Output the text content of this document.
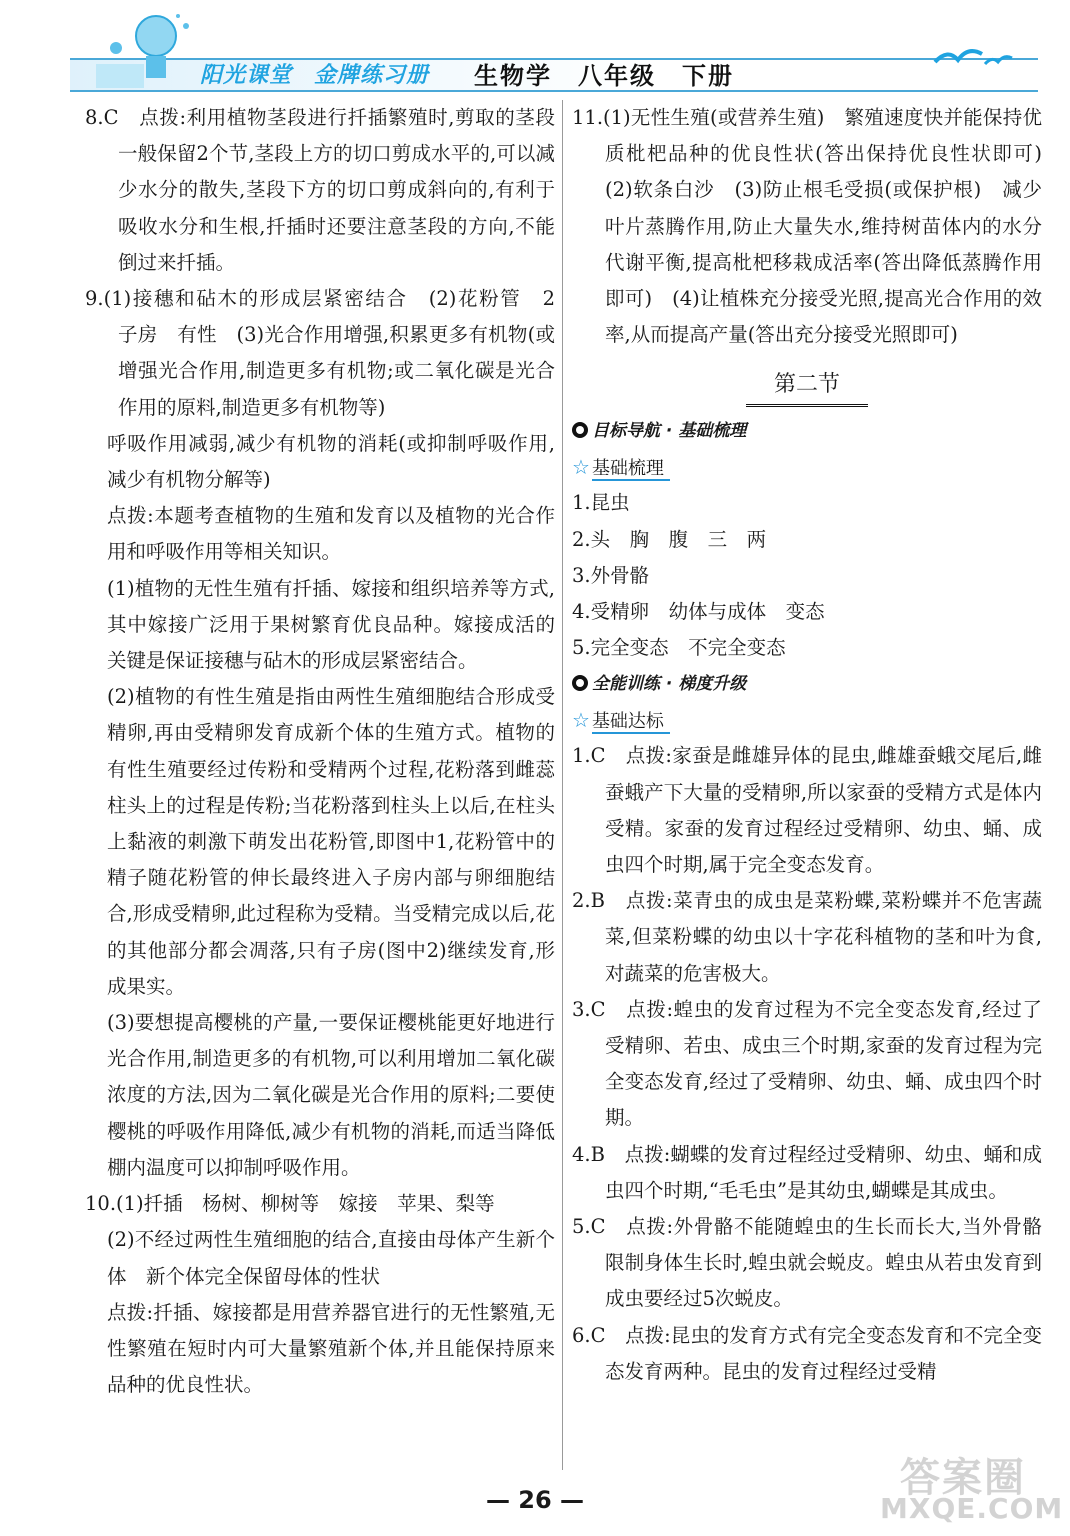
阳光课堂 金牌练习册	生物学 八年级 下册

8.C　点拨:利用植物茎段进行扦插繁殖时,剪取的茎段一般保留2个节,茎段上方的切口剪成水平的,可以减少水分的散失,茎段下方的切口剪成斜向的,有利于吸收水分和生根,扦插时还要注意茎段的方向,不能倒过来扦插。

9.(1)接穗和砧木的形成层紧密结合　(2)花粉管　2　子房　有性　(3)光合作用增强,积累更多有机物(或增强光合作用,制造更多有机物;或二氧化碳是光合作用的原料,制造更多有机物等)

呼吸作用减弱,减少有机物的消耗(或抑制呼吸作用,减少有机物分解等)

点拨:本题考查植物的生殖和发育以及植物的光合作用和呼吸作用等相关知识。

(1)植物的无性生殖有扦插、嫁接和组织培养等方式,其中嫁接广泛用于果树繁育优良品种。嫁接成活的关键是保证接穗与砧木的形成层紧密结合。

(2)植物的有性生殖是指由两性生殖细胞结合形成受精卵,再由受精卵发育成新个体的生殖方式。植物的有性生殖要经过传粉和受精两个过程,花粉落到雌蕊柱头上的过程是传粉;当花粉落到柱头上以后,在柱头上黏液的刺激下萌发出花粉管,即图中1,花粉管中的精子随花粉管的伸长最终进入子房内部与卵细胞结合,形成受精卵,此过程称为受精。当受精完成以后,花的其他部分都会凋落,只有子房(图中2)继续发育,形成果实。

(3)要想提高樱桃的产量,一要保证樱桃能更好地进行光合作用,制造更多的有机物,可以利用增加二氧化碳浓度的方法,因为二氧化碳是光合作用的原料;二要使樱桃的呼吸作用降低,减少有机物的消耗,而适当降低棚内温度可以抑制呼吸作用。

10.(1)扦插　杨树、柳树等　嫁接　苹果、梨等

(2)不经过两性生殖细胞的结合,直接由母体产生新个体　新个体完全保留母体的性状

点拨:扦插、嫁接都是用营养器官进行的无性繁殖,无性繁殖在短时内可大量繁殖新个体,并且能保持原来品种的优良性状。

11.(1)无性生殖(或营养生殖)　繁殖速度快并能保持优质枇杷品种的优良性状(答出保持优良性状即可)　(2)软条白沙　(3)防止根毛受损(或保护根)　减少叶片蒸腾作用,防止大量失水,维持树苗体内的水分代谢平衡,提高枇杷移栽成活率(答出降低蒸腾作用即可)　(4)让植株充分接受光照,提高光合作用的效率,从而提高产量(答出充分接受光照即可)

第二节
目标导航 · 基础梳理
☆ 基础梳理

1.昆虫

2.头　胸　腹　三　两

3.外骨骼

4.受精卵　幼体与成体　变态

5.完全变态　不完全变态

全能训练 · 梯度升级
☆ 基础达标

1.C　点拨:家蚕是雌雄异体的昆虫,雌雄蚕蛾交尾后,雌蚕蛾产下大量的受精卵,所以家蚕的受精方式是体内受精。家蚕的发育过程经过受精卵、幼虫、蛹、成虫四个时期,属于完全变态发育。

2.B　点拨:菜青虫的成虫是菜粉蝶,菜粉蝶并不危害蔬菜,但菜粉蝶的幼虫以十字花科植物的茎和叶为食,对蔬菜的危害极大。

3.C　点拨:蝗虫的发育过程为不完全变态发育,经过了受精卵、若虫、成虫三个时期,家蚕的发育过程为完全变态发育,经过了受精卵、幼虫、蛹、成虫四个时期。

4.B　点拨:蝴蝶的发育过程经过受精卵、幼虫、蛹和成虫四个时期,“毛毛虫”是其幼虫,蝴蝶是其成虫。

5.C　点拨:外骨骼不能随蝗虫的生长而长大,当外骨骼限制身体生长时,蝗虫就会蜕皮。蝗虫从若虫发育到成虫要经过5次蜕皮。

6.C　点拨:昆虫的发育方式有完全变态发育和不完全变态发育两种。昆虫的发育过程经过受精

— 26 —	答案圈
MXQE.COM
